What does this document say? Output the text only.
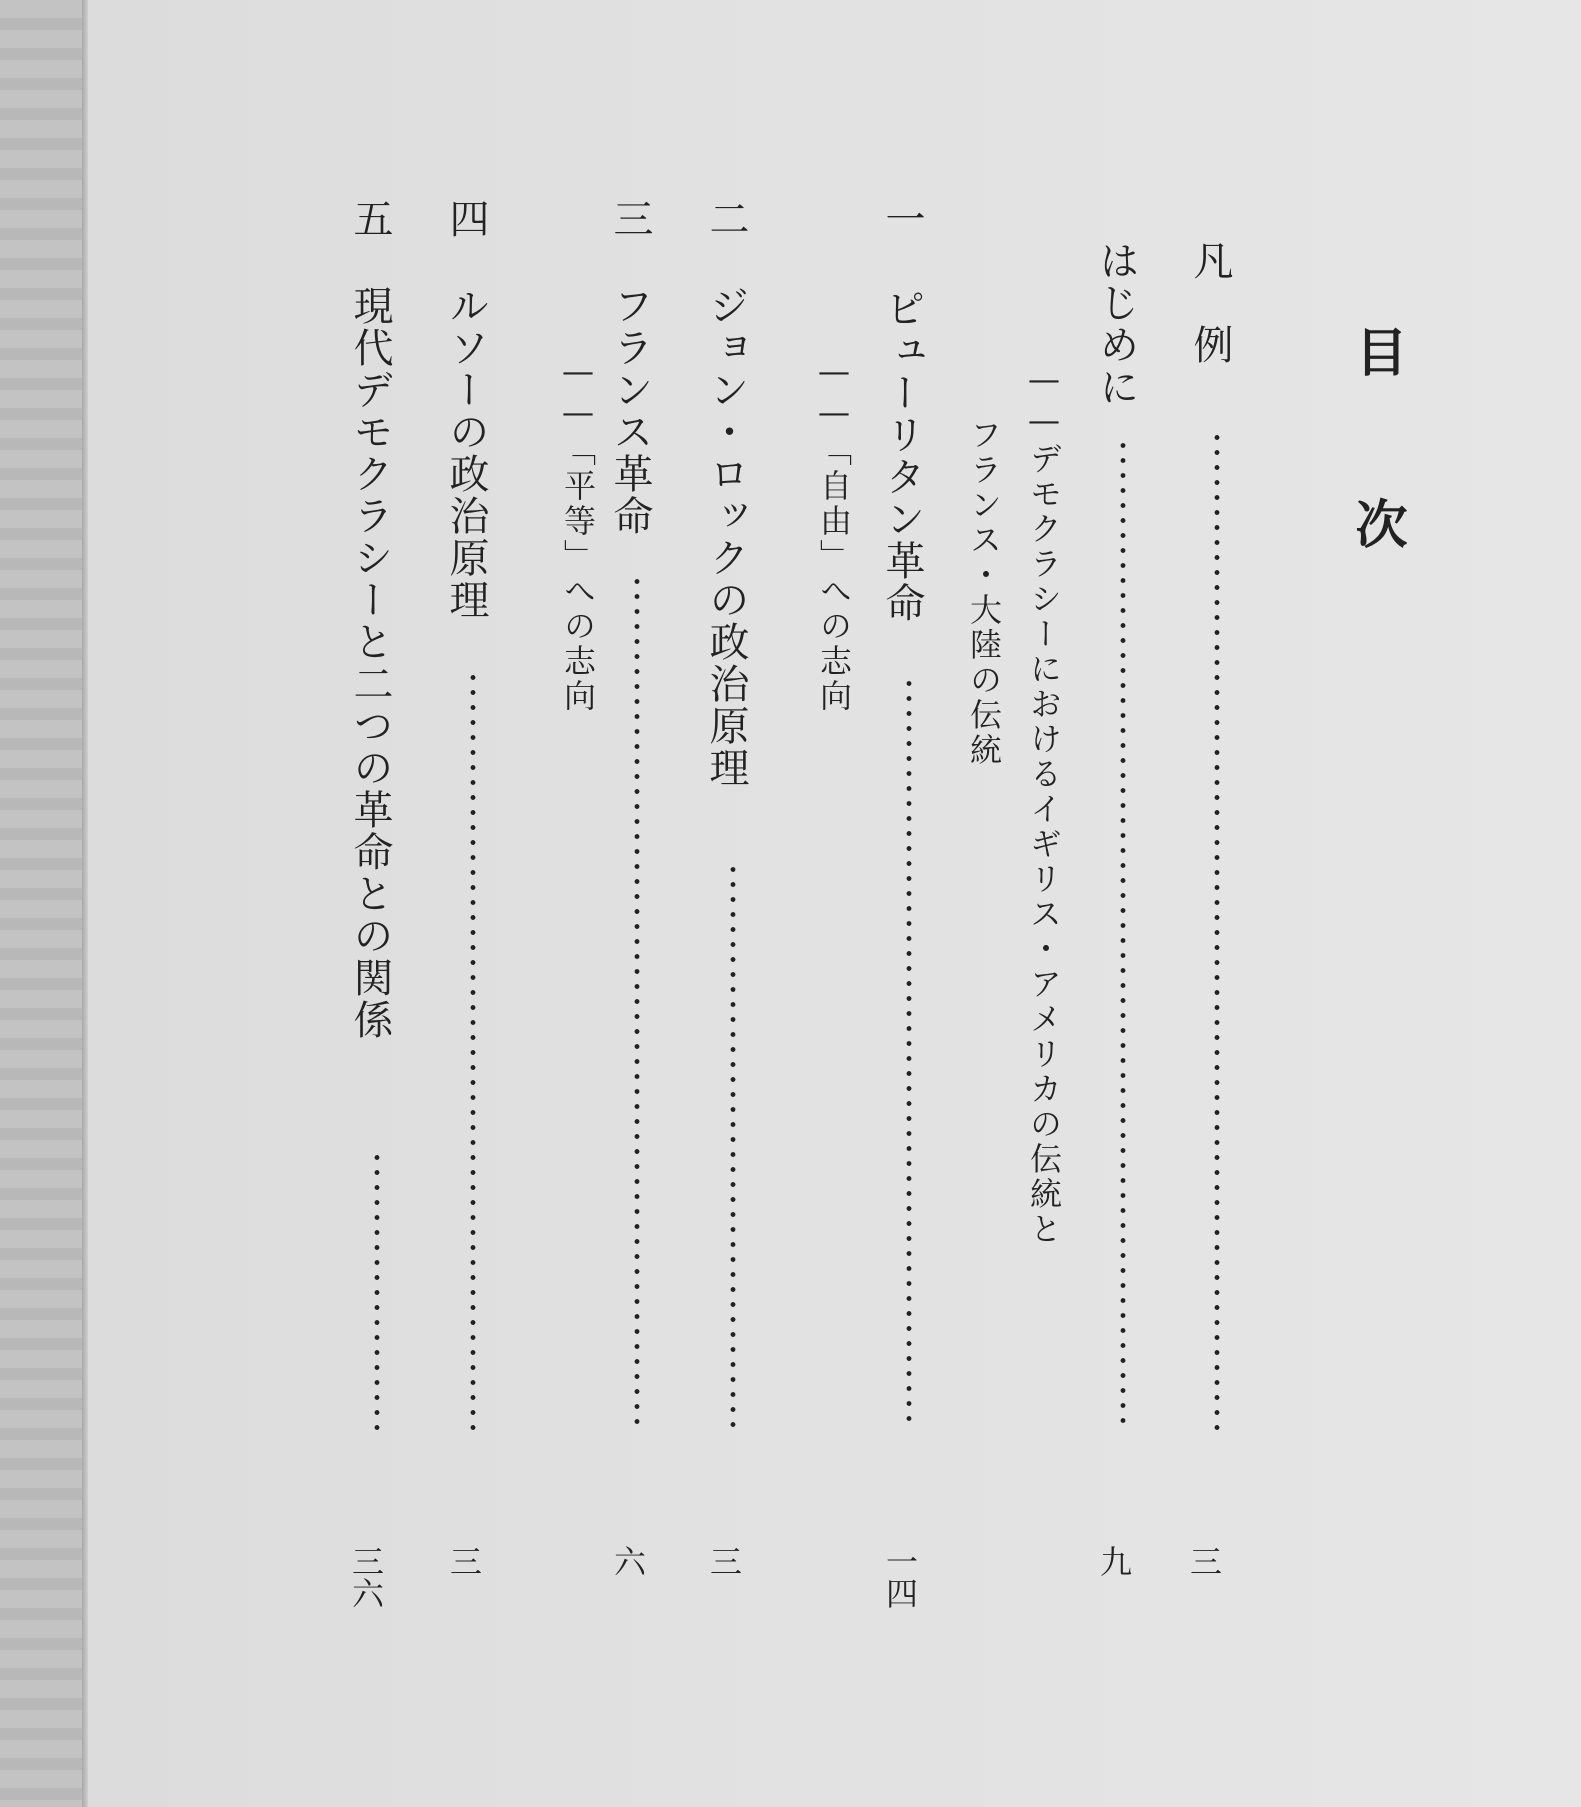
目次
凡　例
三
はじめに
九
——デモクラシーにおけるイギリス・アメリカの伝統と
フランス・大陸の伝統
一
ピューリタン革命
一四
——「自由」への志向
二
ジョン・ロックの政治原理
三
三
フランス革命
六
——「平等」への志向
四
ルソーの政治原理
三
五
現代デモクラシーと二つの革命との関係
三六
